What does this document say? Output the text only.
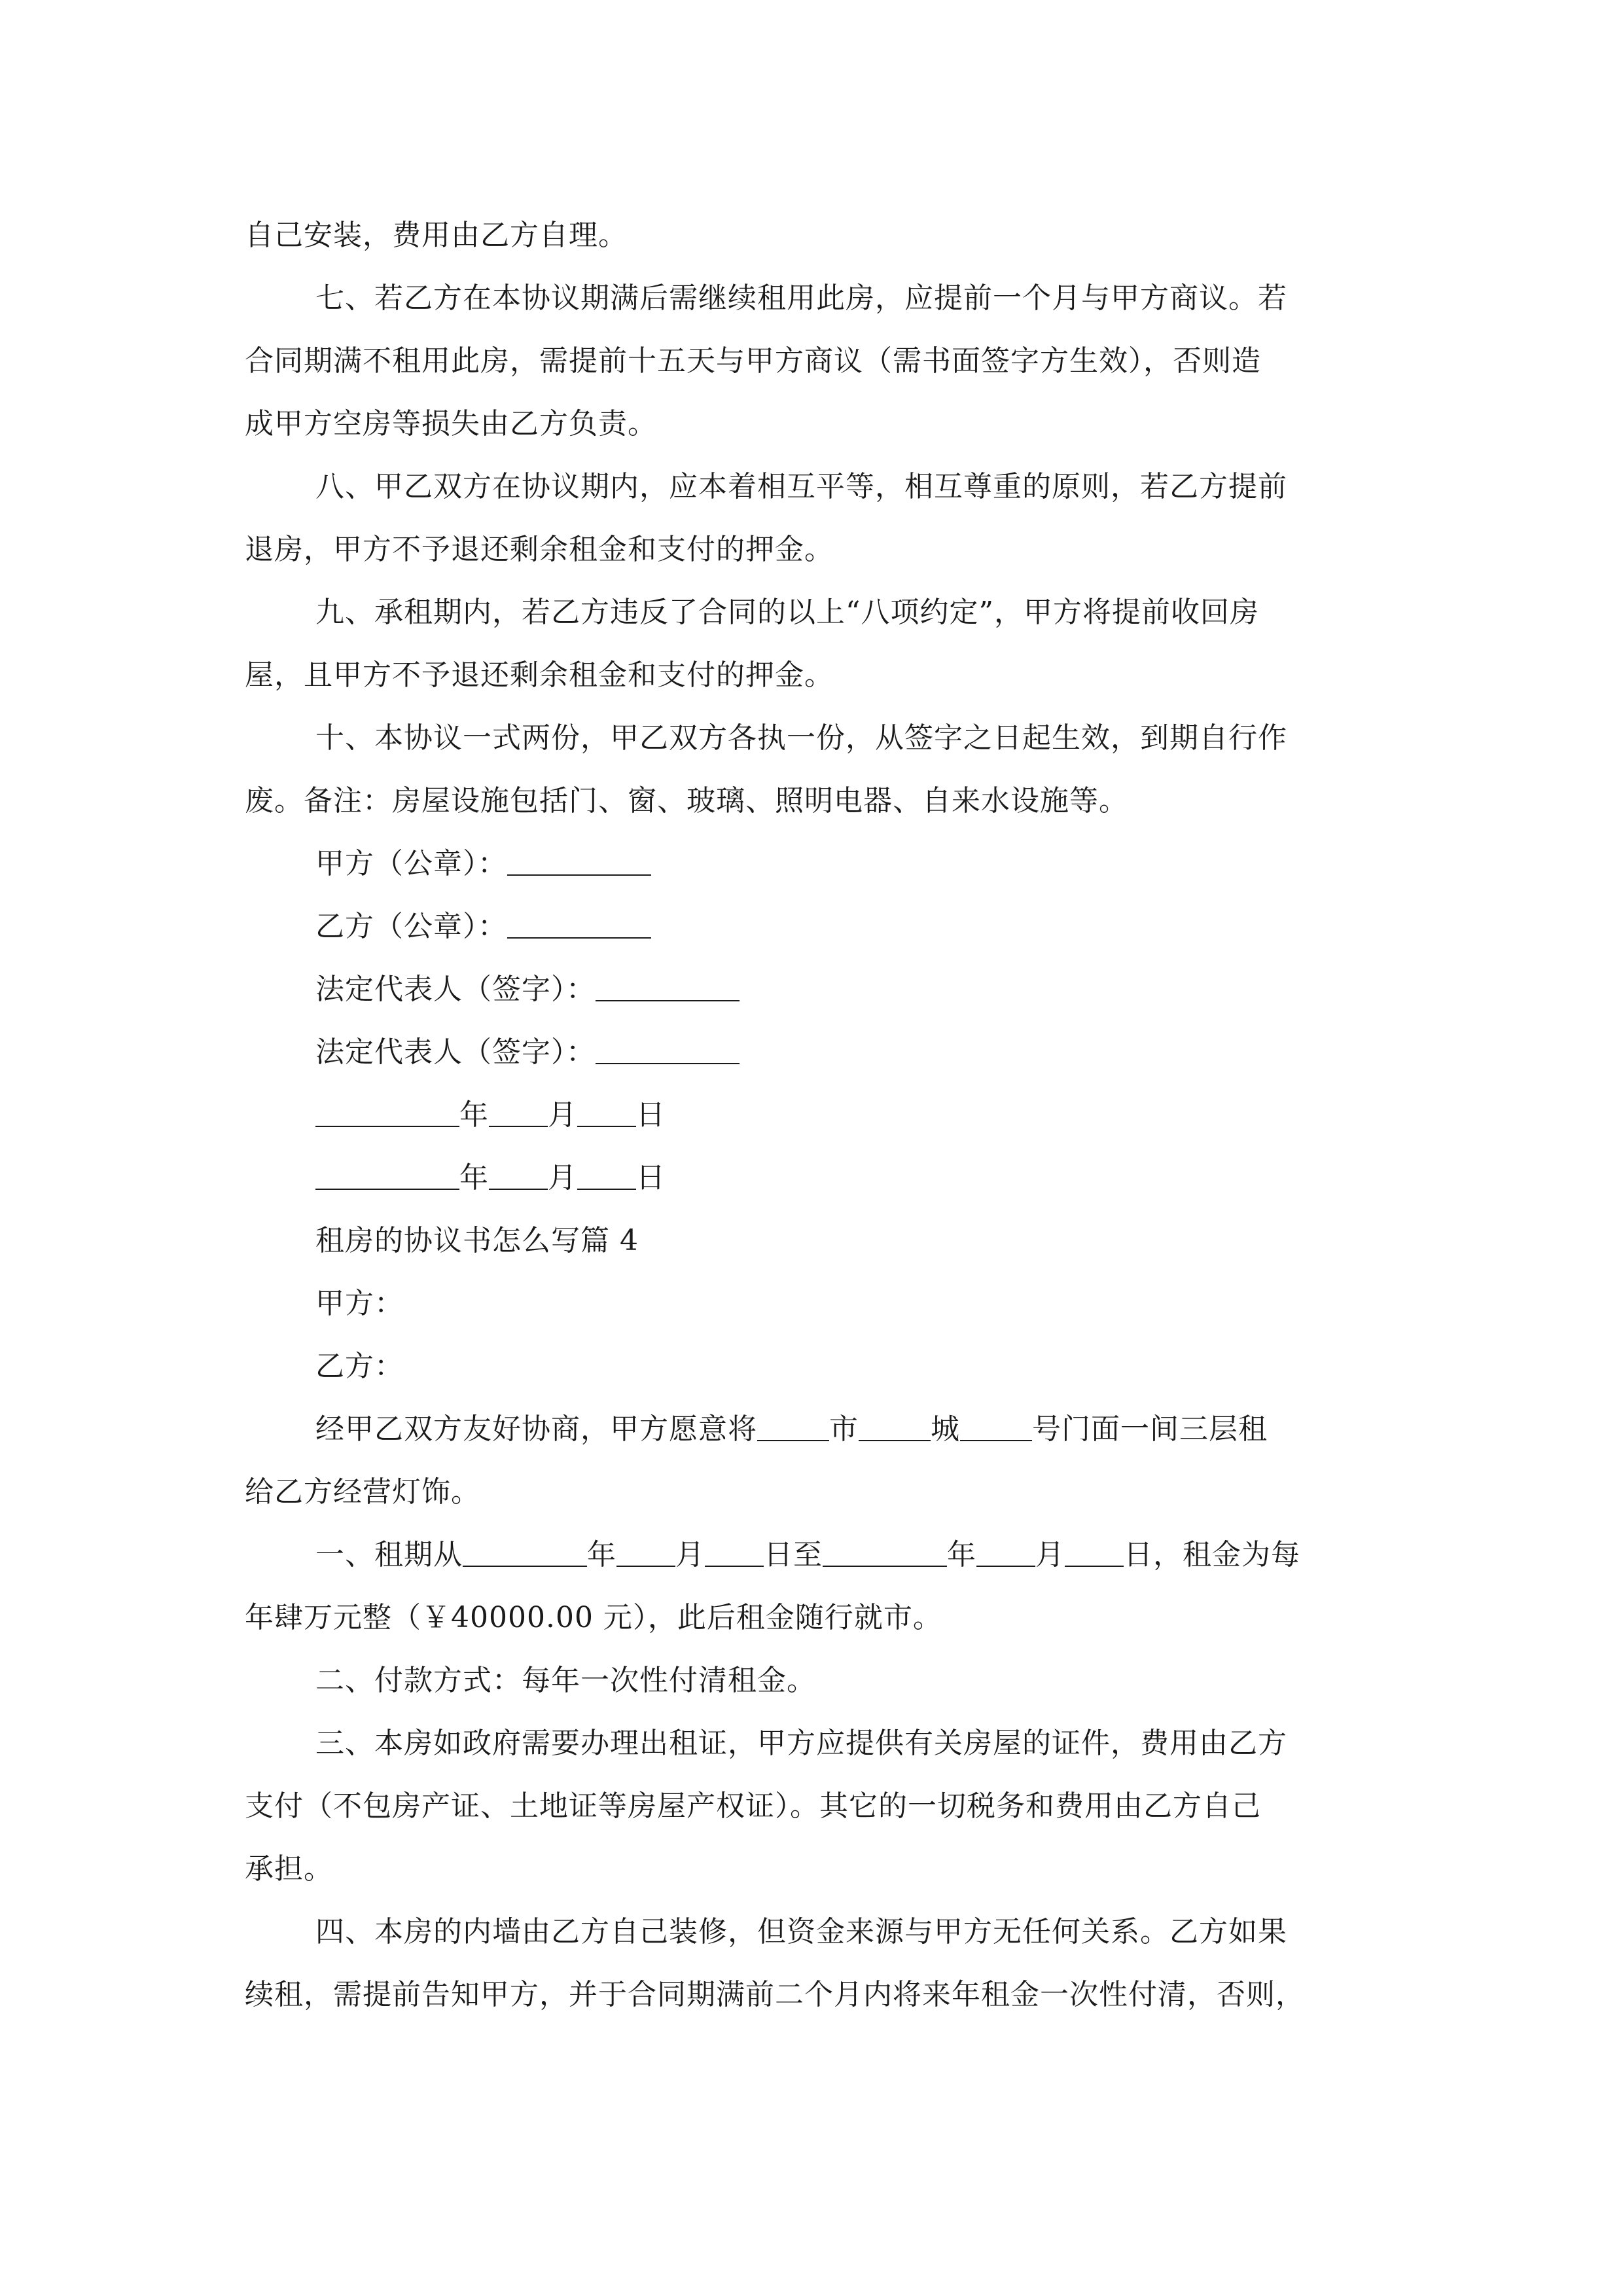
自己安装，费用由乙方自理。

七、若乙方在本协议期满后需继续租用此房，应提前一个月与甲方商议。若

合同期满不租用此房，需提前十五天与甲方商议（需书面签字方生效），否则造

成甲方空房等损失由乙方负责。

八、甲乙双方在协议期内，应本着相互平等，相互尊重的原则，若乙方提前

退房，甲方不予退还剩余租金和支付的押金。

九、承租期内，若乙方违反了合同的以上“八项约定”，甲方将提前收回房

屋，且甲方不予退还剩余租金和支付的押金。

十、本协议一式两份，甲乙双方各执一份，从签字之日起生效，到期自行作

废。备注：房屋设施包括门、窗、玻璃、照明电器、自来水设施等。

甲方（公章）：

乙方（公章）：

法定代表人（签字）：

法定代表人（签字）：

年 月 日

年 月 日

租房的协议书怎么写篇 4

甲方：

乙方：

经甲乙双方友好协商，甲方愿意将	市	城	号门面一间三层租

给乙方经营灯饰。

一、租期从	年 月 日至	年 月 日，租金为每

年肆万元整（￥40000.00 元），此后租金随行就市。

二、付款方式：每年一次性付清租金。

三、本房如政府需要办理出租证，甲方应提供有关房屋的证件，费用由乙方

支付（不包房产证、土地证等房屋产权证）。其它的一切税务和费用由乙方自己

承担。

四、本房的内墙由乙方自己装修，但资金来源与甲方无任何关系。乙方如果

续租，需提前告知甲方，并于合同期满前二个月内将来年租金一次性付清，否则，
